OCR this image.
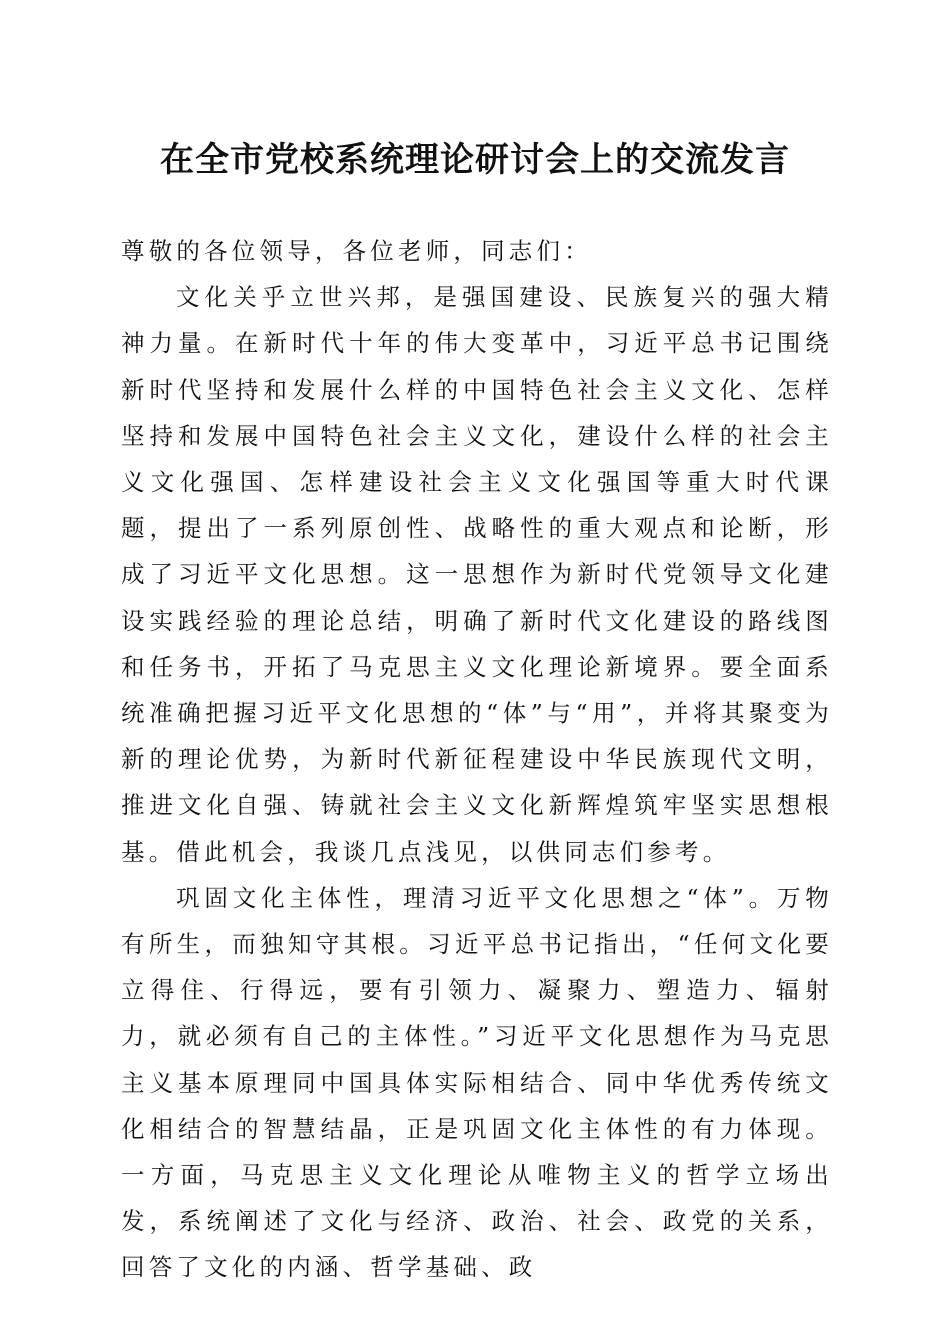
在全市党校系统理论研讨会上的交流发言

尊敬的各位领导，各位老师，同志们：

文化关乎立世兴邦，是强国建设、民族复兴的强大精神力量。在新时代十年的伟大变革中，习近平总书记围绕新时代坚持和发展什么样的中国特色社会主义文化、怎样坚持和发展中国特色社会主义文化，建设什么样的社会主义文化强国、怎样建设社会主义文化强国等重大时代课题，提出了一系列原创性、战略性的重大观点和论断，形成了习近平文化思想。这一思想作为新时代党领导文化建设实践经验的理论总结，明确了新时代文化建设的路线图和任务书，开拓了马克思主义文化理论新境界。要全面系统准确把握习近平文化思想的“体”与“用”，并将其聚变为新的理论优势，为新时代新征程建设中华民族现代文明，推进文化自强、铸就社会主义文化新辉煌筑牢坚实思想根基。借此机会，我谈几点浅见，以供同志们参考。

巩固文化主体性，理清习近平文化思想之“体”。万物有所生，而独知守其根。习近平总书记指出，“任何文化要立得住、行得远，要有引领力、凝聚力、塑造力、辐射力，就必须有自己的主体性。”习近平文化思想作为马克思主义基本原理同中国具体实际相结合、同中华优秀传统文化相结合的智慧结晶，正是巩固文化主体性的有力体现。一方面，马克思主义文化理论从唯物主义的哲学立场出发，系统阐述了文化与经济、政治、社会、政党的关系，回答了文化的内涵、哲学基础、政
